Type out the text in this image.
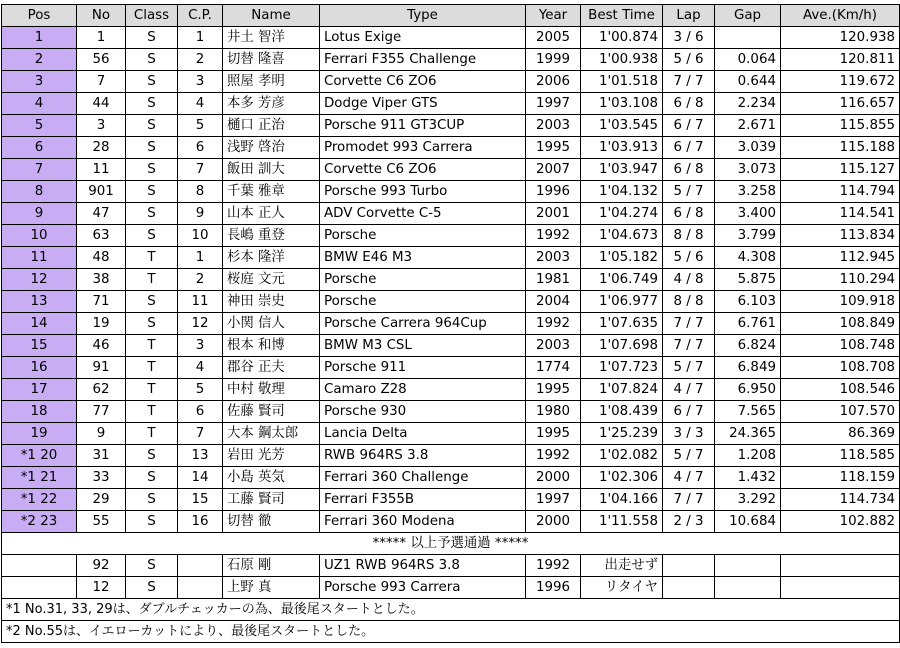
Pos	No	Class	C.P.	Name	Type	Year	Best Time	Lap	Gap	Ave.(Km/h)
1	1	S	1	井土 智洋	Lotus Exige	2005	1'00.874	3 / 6		120.938
2	56	S	2	切替 隆喜	Ferrari F355 Challenge	1999	1'00.938	5 / 6	0.064	120.811
3	7	S	3	照屋 孝明	Corvette C6 ZO6	2006	1'01.518	7 / 7	0.644	119.672
4	44	S	4	本多 芳彦	Dodge Viper GTS	1997	1'03.108	6 / 8	2.234	116.657
5	3	S	5	樋口 正治	Porsche 911 GT3CUP	2003	1'03.545	6 / 7	2.671	115.855
6	28	S	6	浅野 啓治	Promodet 993 Carrera	1995	1'03.913	6 / 7	3.039	115.188
7	11	S	7	飯田 訓大	Corvette C6 ZO6	2007	1'03.947	6 / 8	3.073	115.127
8	901	S	8	千葉 雅章	Porsche 993 Turbo	1996	1'04.132	5 / 7	3.258	114.794
9	47	S	9	山本 正人	ADV Corvette C-5	2001	1'04.274	6 / 8	3.400	114.541
10	63	S	10	長嶋 重登	Porsche	1992	1'04.673	8 / 8	3.799	113.834
11	48	T	1	杉本 隆洋	BMW E46 M3	2003	1'05.182	5 / 6	4.308	112.945
12	38	T	2	桜庭 文元	Porsche	1981	1'06.749	4 / 8	5.875	110.294
13	71	S	11	神田 崇史	Porsche	2004	1'06.977	8 / 8	6.103	109.918
14	19	S	12	小関 信人	Porsche Carrera 964Cup	1992	1'07.635	7 / 7	6.761	108.849
15	46	T	3	根本 和博	BMW M3 CSL	2003	1'07.698	7 / 7	6.824	108.748
16	91	T	4	郡谷 正夫	Porsche 911	1774	1'07.723	5 / 7	6.849	108.708
17	62	T	5	中村 敬理	Camaro Z28	1995	1'07.824	4 / 7	6.950	108.546
18	77	T	6	佐藤 賢司	Porsche 930	1980	1'08.439	6 / 7	7.565	107.570
19	9	T	7	大本 鋼太郎	Lancia Delta	1995	1'25.239	3 / 3	24.365	86.369
*1 20	31	S	13	岩田 光芳	RWB 964RS 3.8	1992	1'02.082	5 / 7	1.208	118.585
*1 21	33	S	14	小島 英気	Ferrari 360 Challenge	2000	1'02.306	4 / 7	1.432	118.159
*1 22	29	S	15	工藤 賢司	Ferrari F355B	1997	1'04.166	7 / 7	3.292	114.734
*2 23	55	S	16	切替 徹	Ferrari 360 Modena	2000	1'11.558	2 / 3	10.684	102.882
***** 以上予選通過 *****										
	92	S		石原 剛	UZ1 RWB 964RS 3.8	1992	出走せず			
	12	S		上野 真	Porsche 993 Carrera	1996	リタイヤ			
*1 No.31, 33, 29は、ダブルチェッカーの為、最後尾スタートとした。										
*2 No.55は、イエローカットにより、最後尾スタートとした。										
